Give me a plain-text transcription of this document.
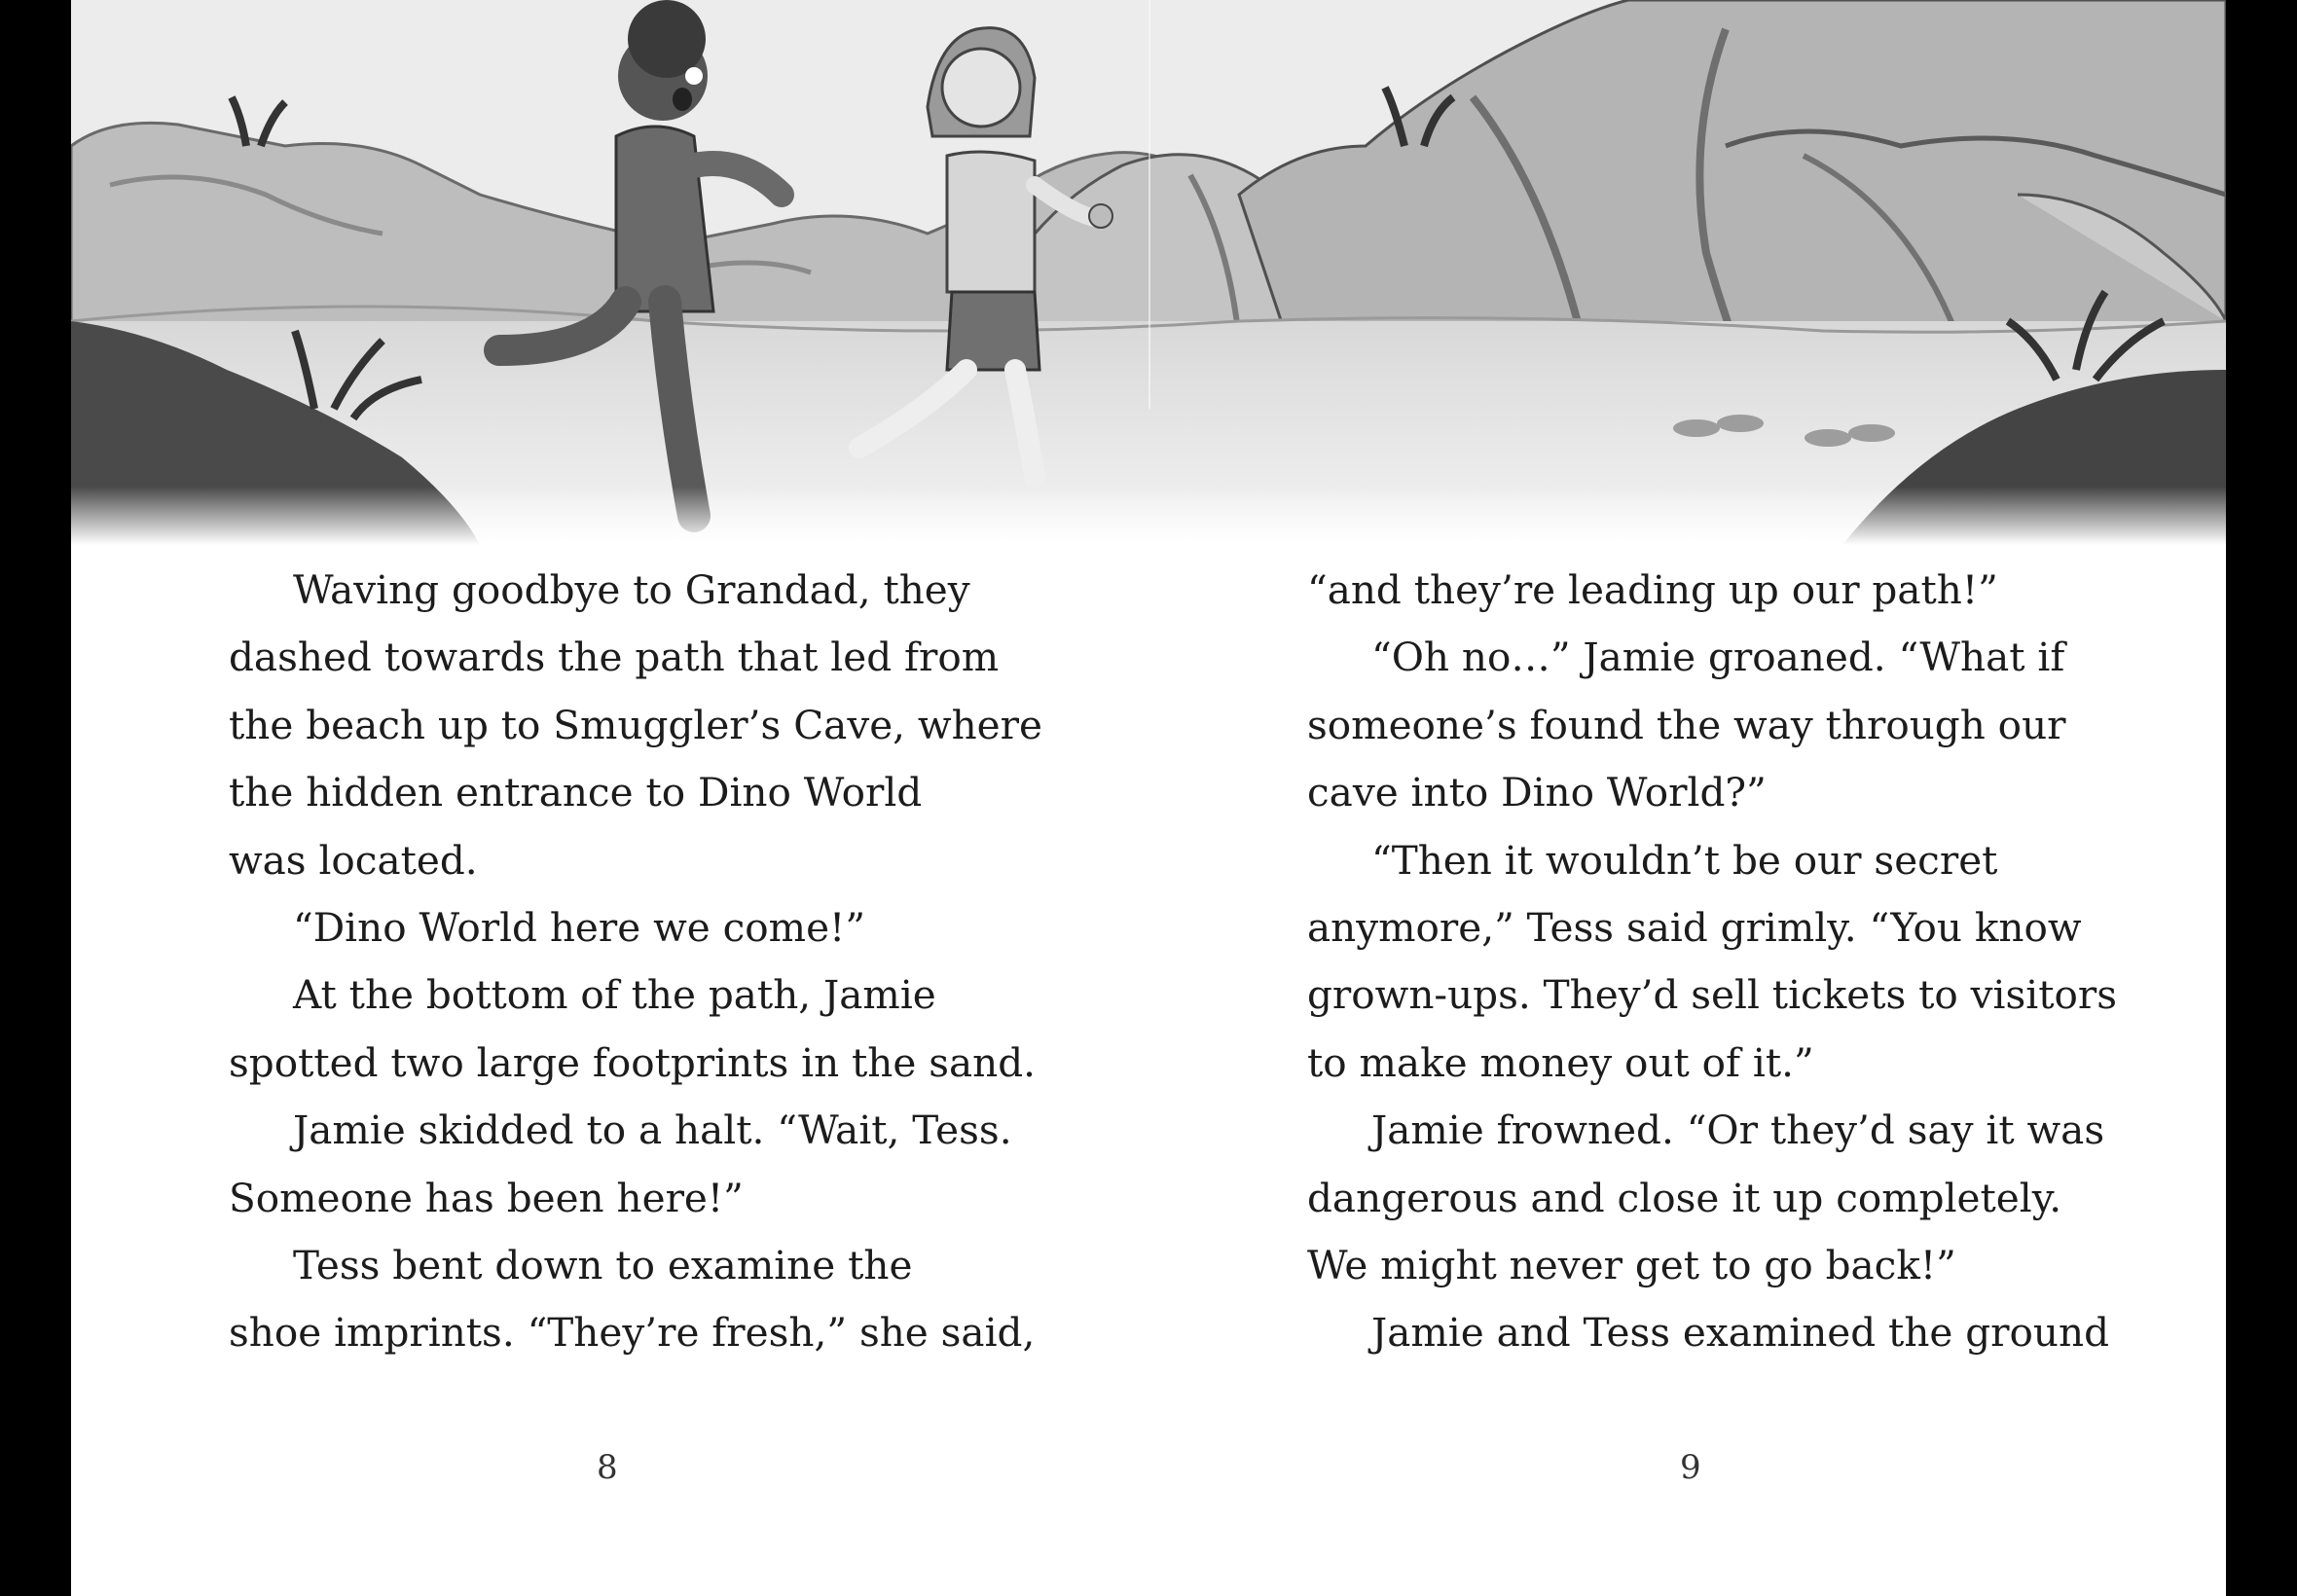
Waving goodbye to Grandad, they
dashed towards the path that led from
the beach up to Smuggler’s Cave, where
the hidden entrance to Dino World
was located.
“Dino World here we come!”
At the bottom of the path, Jamie
spotted two large footprints in the sand.
Jamie skidded to a halt. “Wait, Tess.
Someone has been here!”
Tess bent down to examine the
shoe imprints. “They’re fresh,” she said,
“and they’re leading up our path!”
“Oh no…” Jamie groaned. “What if
someone’s found the way through our
cave into Dino World?”
“Then it wouldn’t be our secret
anymore,” Tess said grimly. “You know
grown-ups. They’d sell tickets to visitors
to make money out of it.”
Jamie frowned. “Or they’d say it was
dangerous and close it up completely.
We might never get to go back!”
Jamie and Tess examined the ground
8	9
